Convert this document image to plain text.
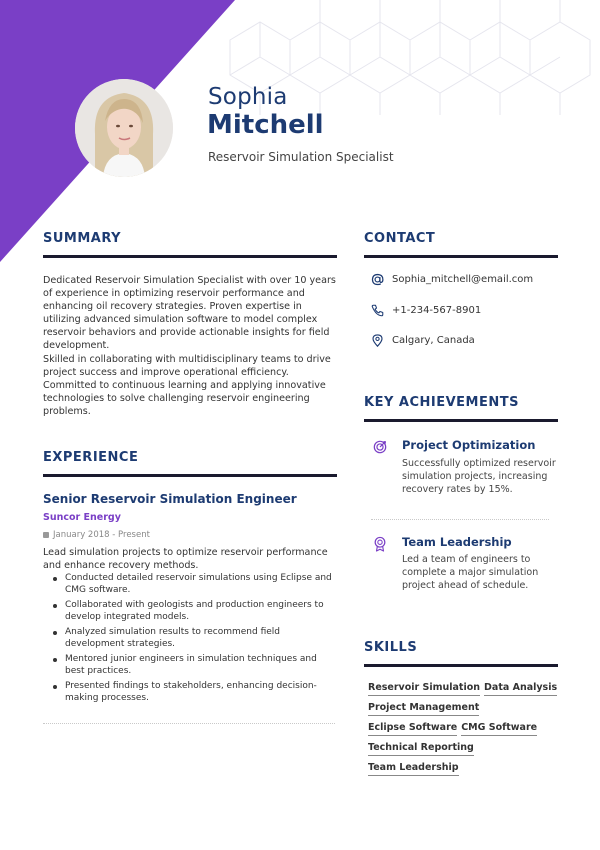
Sophia
Mitchell
Reservoir Simulation Specialist
SUMMARY
Dedicated Reservoir Simulation Specialist with over 10 years of experience in optimizing reservoir performance and enhancing oil recovery strategies. Proven expertise in utilizing advanced simulation software to model complex reservoir behaviors and provide actionable insights for field development.
Skilled in collaborating with multidisciplinary teams to drive project success and improve operational efficiency. Committed to continuous learning and applying innovative technologies to solve challenging reservoir engineering problems.
EXPERIENCE
Senior Reservoir Simulation Engineer
Suncor Energy
January 2018 - Present
Lead simulation projects to optimize reservoir performance and enhance recovery methods.
Conducted detailed reservoir simulations using Eclipse and CMG software.
Collaborated with geologists and production engineers to develop integrated models.
Analyzed simulation results to recommend field development strategies.
Mentored junior engineers in simulation techniques and best practices.
Presented findings to stakeholders, enhancing decision-making processes.
CONTACT
Sophia_mitchell@email.com
+1-234-567-8901
Calgary, Canada
KEY ACHIEVEMENTS
Project Optimization
Successfully optimized reservoir simulation projects, increasing recovery rates by 15%.
Team Leadership
Led a team of engineers to complete a major simulation project ahead of schedule.
SKILLS
Reservoir Simulation Data Analysis
Project Management
Eclipse Software CMG Software
Technical Reporting
Team Leadership
